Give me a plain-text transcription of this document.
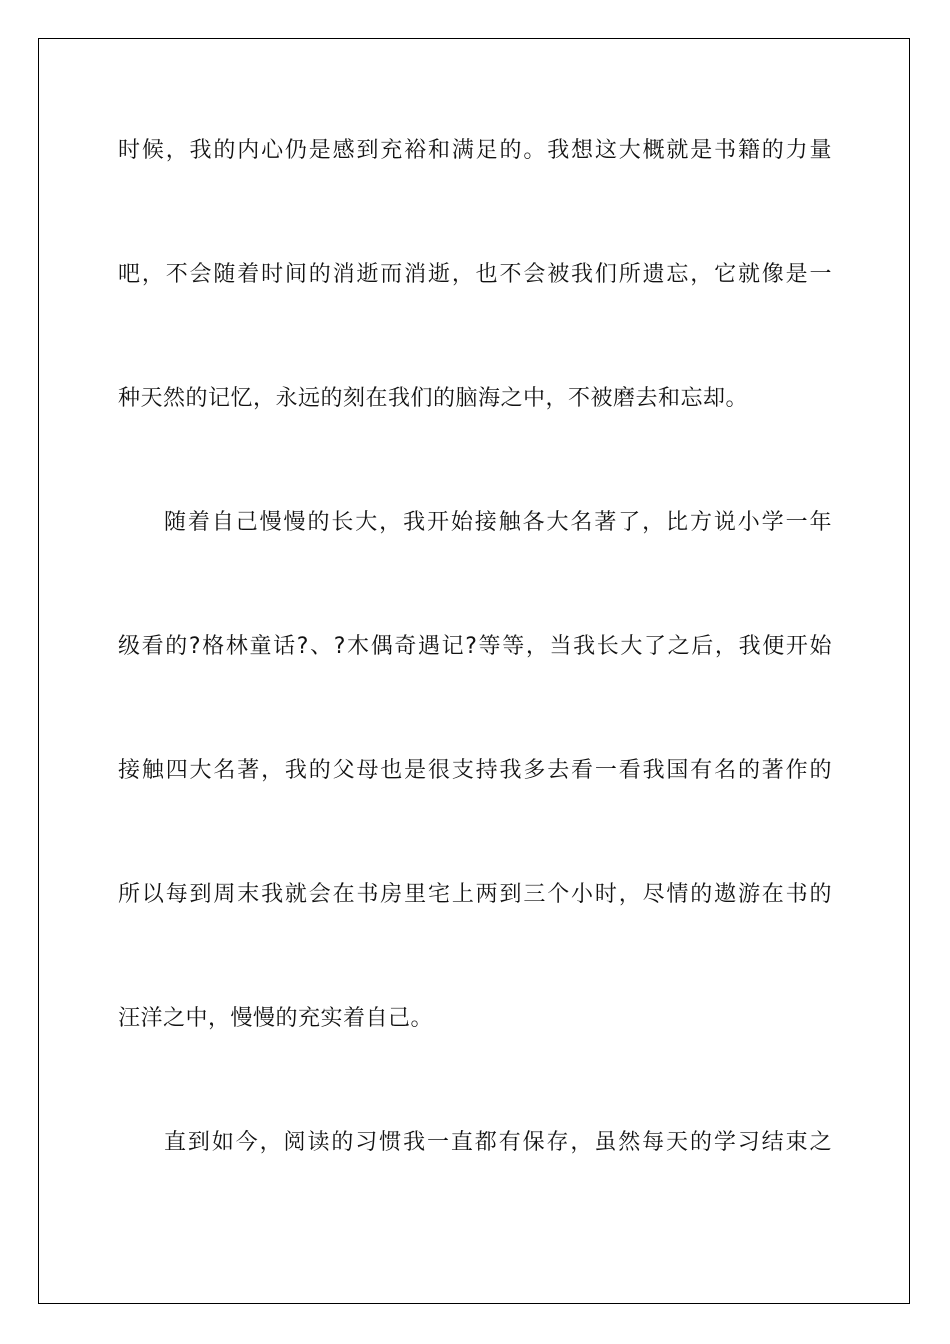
时候，我的内心仍是感到充裕和满足的。我想这大概就是书籍的力量
吧，不会随着时间的消逝而消逝，也不会被我们所遗忘，它就像是一
种天然的记忆，永远的刻在我们的脑海之中，不被磨去和忘却。
随着自己慢慢的长大，我开始接触各大名著了，比方说小学一年
级看的?格林童话?、?木偶奇遇记?等等，当我长大了之后，我便开始
接触四大名著，我的父母也是很支持我多去看一看我国有名的著作的
所以每到周末我就会在书房里宅上两到三个小时，尽情的遨游在书的
汪洋之中，慢慢的充实着自己。
直到如今，阅读的习惯我一直都有保存，虽然每天的学习结束之
